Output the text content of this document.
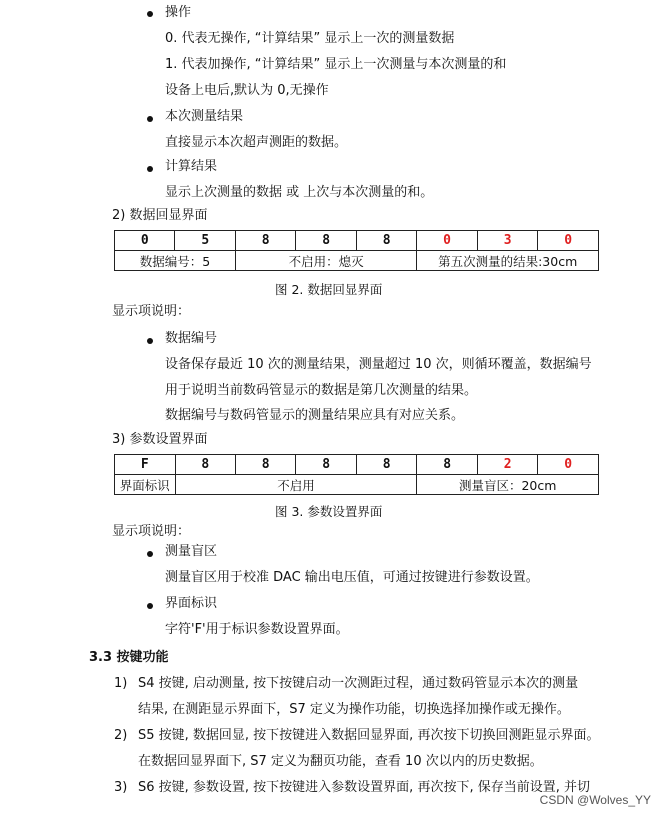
操作
0. 代表无操作, “计算结果” 显示上一次的测量数据
1. 代表加操作, “计算结果” 显示上一次测量与本次测量的和
设备上电后,默认为 0,无操作
本次测量结果
直接显示本次超声测距的数据。
计算结果
显示上次测量的数据 或 上次与本次测量的和。
2) 数据回显界面
0	5	8	8	8	0	3	0
数据编号：5		不启用：熄灭			第五次测量的结果:30cm		
图 2. 数据回显界面
显示项说明：
数据编号
设备保存最近 10 次的测量结果，测量超过 10 次，则循环覆盖，数据编号
用于说明当前数码管显示的数据是第几次测量的结果。
数据编号与数码管显示的测量结果应具有对应关系。
3) 参数设置界面
F	8	8	8	8	8	2	0
界面标识	不启用				测量盲区：20cm		
图 3. 参数设置界面
显示项说明：
测量盲区
测量盲区用于校准 DAC 输出电压值，可通过按键进行参数设置。
界面标识
字符'F'用于标识参数设置界面。
3.3 按键功能
1) S4 按键, 启动测量, 按下按键启动一次测距过程，通过数码管显示本次的测量
结果, 在测距显示界面下，S7 定义为操作功能，切换选择加操作或无操作。
2) S5 按键, 数据回显, 按下按键进入数据回显界面, 再次按下切换回测距显示界面。
在数据回显界面下, S7 定义为翻页功能，查看 10 次以内的历史数据。
3) S6 按键, 参数设置, 按下按键进入参数设置界面, 再次按下, 保存当前设置, 并切
CSDN @Wolves_YY
